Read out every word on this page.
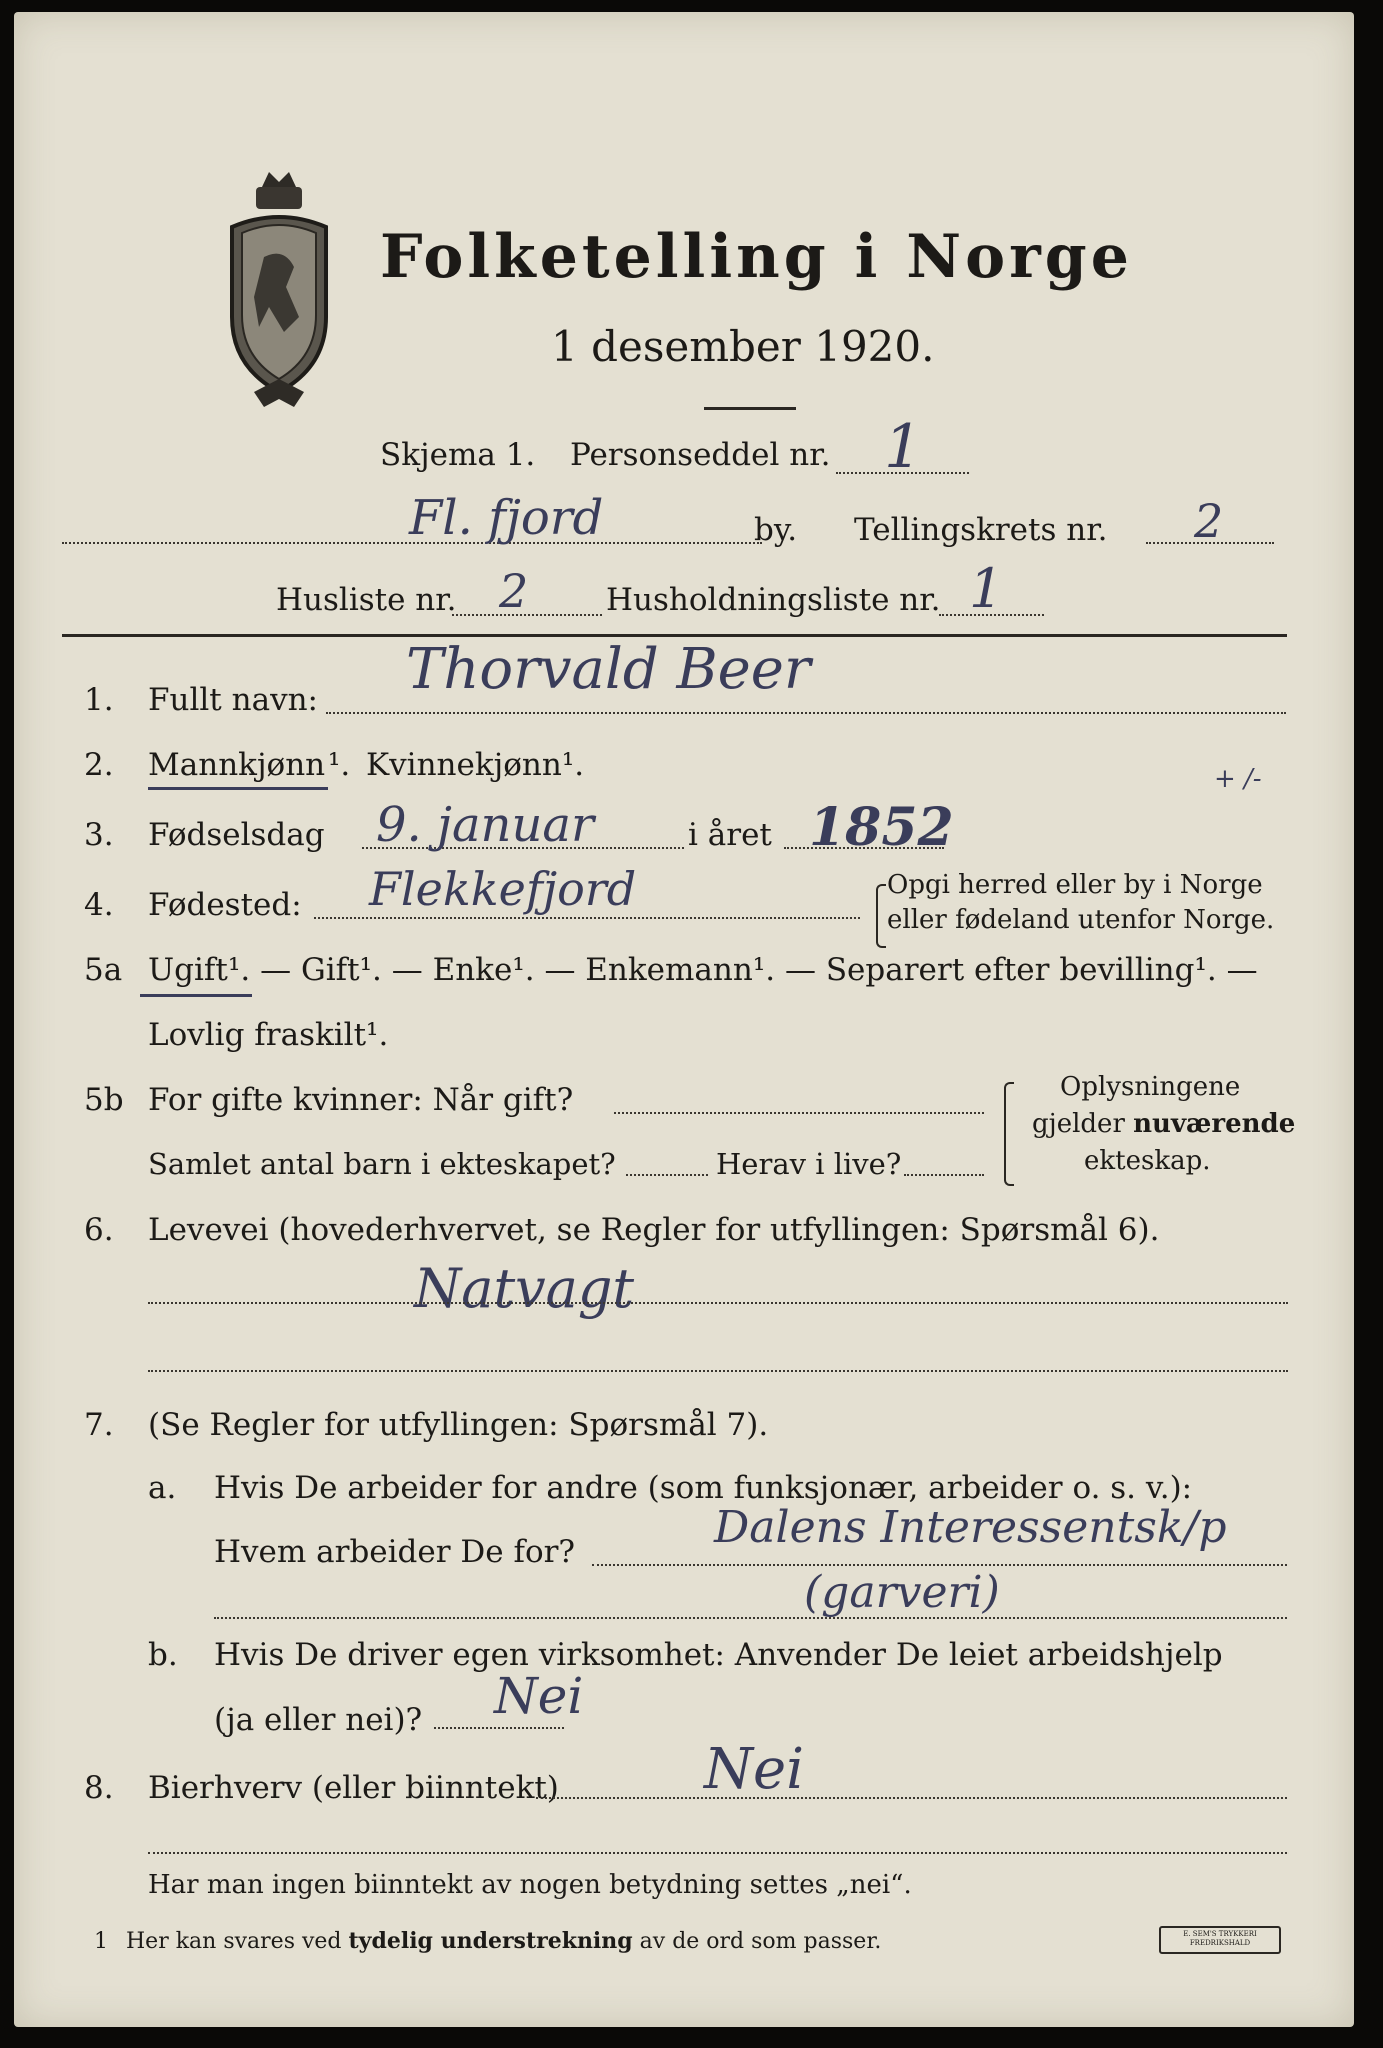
Folketelling i Norge
1 desember 1920.
Skjema 1. Personseddel nr. 1
Fl. fjord	by. Tellingskrets nr. 2
Husliste nr. 2	Husholdningsliste nr. 1
1. Fullt navn: Thorvald Beer
2. Mannkjønn ¹. Kvinnekjønn¹.	+ /-
3. Fødselsdag 9. januar	i året 1852
4. Fødested: Flekkefjord	Opgi herred eller by i Norge
eller fødeland utenfor Norge.
5a Ugift ¹. — Gift¹. — Enke¹. — Enkemann¹. — Separert efter bevilling¹. —
Lovlig fraskilt¹.
5b For gifte kvinner: Når gift?
Samlet antal barn i ekteskapet?	Herav i live?
Oplysningene
gjelder nuværende
ekteskap.
6. Levevei (hovederhvervet, se Regler for utfyllingen: Spørsmål 6).
Natvagt
7. (Se Regler for utfyllingen: Spørsmål 7).
a. Hvis De arbeider for andre (som funksjonær, arbeider o. s. v.):
Hvem arbeider De for?	Dalens Interessentsk/p
(garveri)
b. Hvis De driver egen virksomhet: Anvender De leiet arbeidshjelp
(ja eller nei)? Nei
8. Bierhverv (eller biinntekt)	Nei
Har man ingen biinntekt av nogen betydning settes „nei“.
1 Her kan svares ved tydelig understrekning av de ord som passer.	E. SEM'S TRYKKERI FREDRIKSHALD
